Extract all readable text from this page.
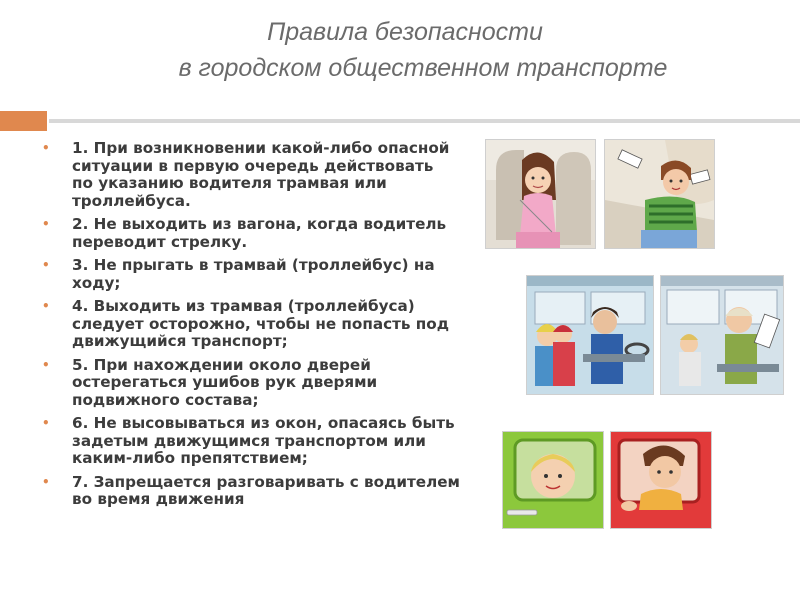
Правила безопасности
в городском общественном транспорте
• 1. При возникновении какой-либо опасной ситуации в первую очередь действовать
по указанию водителя трамвая или троллейбуса.
• 2. Не выходить из вагона, когда водитель переводит стрелку.
• 3. Не прыгать в трамвай (троллейбус) на ходу;
• 4. Выходить из трамвая (троллейбуса) следует осторожно, чтобы не попасть под движущийся транспорт;
• 5. При нахождении около дверей остерегаться ушибов рук дверями подвижного состава;
• 6. Не высовываться из окон, опасаясь быть задетым движущимся транспортом или каким-либо препятствием;
• 7. Запрещается разговаривать с водителем во время движения
